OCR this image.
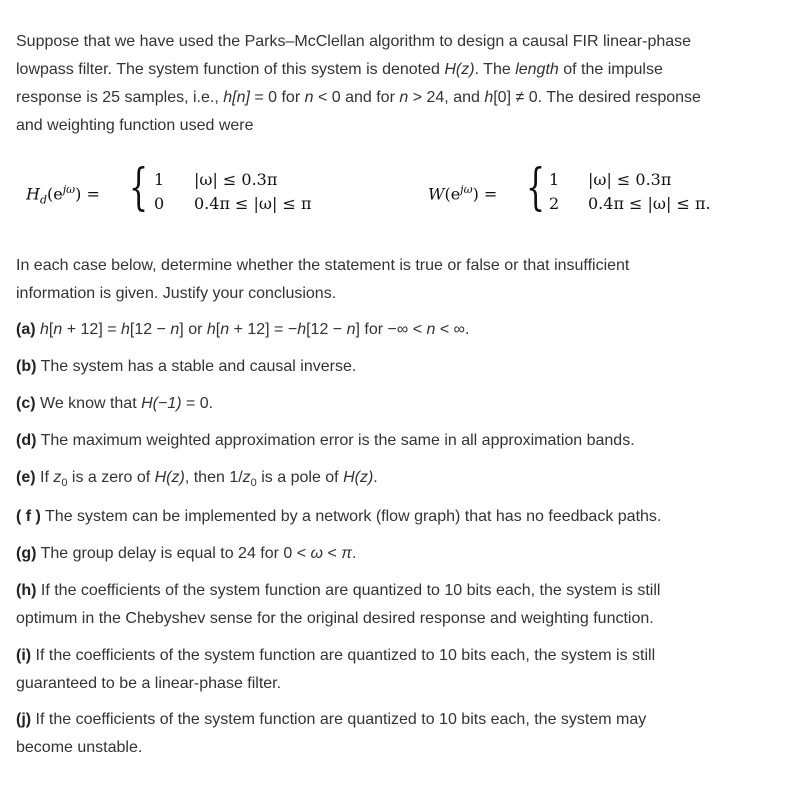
Suppose that we have used the Parks–McClellan algorithm to design a causal FIR linear-phase

lowpass filter. The system function of this system is denoted H(z). The length of the impulse

response is 25 samples, i.e., h[n] = 0 for n < 0 and for n > 24, and h[0] ≠ 0. The desired response

and weighting function used were

$H_d(e^{j\omega})$ = { 1 |ω| ≤ 0.3π
0 0.4π ≤ |ω| ≤ π
$W(e^{j\omega})$ = { 1 |ω| ≤ 0.3π
2 0.4π ≤ |ω| ≤ π.

In each case below, determine whether the statement is true or false or that insufficient

information is given. Justify your conclusions.

(a) h[n + 12] = h[12 − n] or h[n + 12] = −h[12 − n] for −∞ < n < ∞.
(b) The system has a stable and causal inverse.
(c) We know that H(−1) = 0.
(d) The maximum weighted approximation error is the same in all approximation bands.
(e) If $z_0$ is a zero of H(z), then $1/z_0$ is a pole of H(z).
( f ) The system can be implemented by a network (flow graph) that has no feedback paths.
(g) The group delay is equal to 24 for 0 < ω < π.
(h) If the coefficients of the system function are quantized to 10 bits each, the system is still
optimum in the Chebyshev sense for the original desired response and weighting function.
(i) If the coefficients of the system function are quantized to 10 bits each, the system is still
guaranteed to be a linear-phase filter.
(j) If the coefficients of the system function are quantized to 10 bits each, the system may
become unstable.
